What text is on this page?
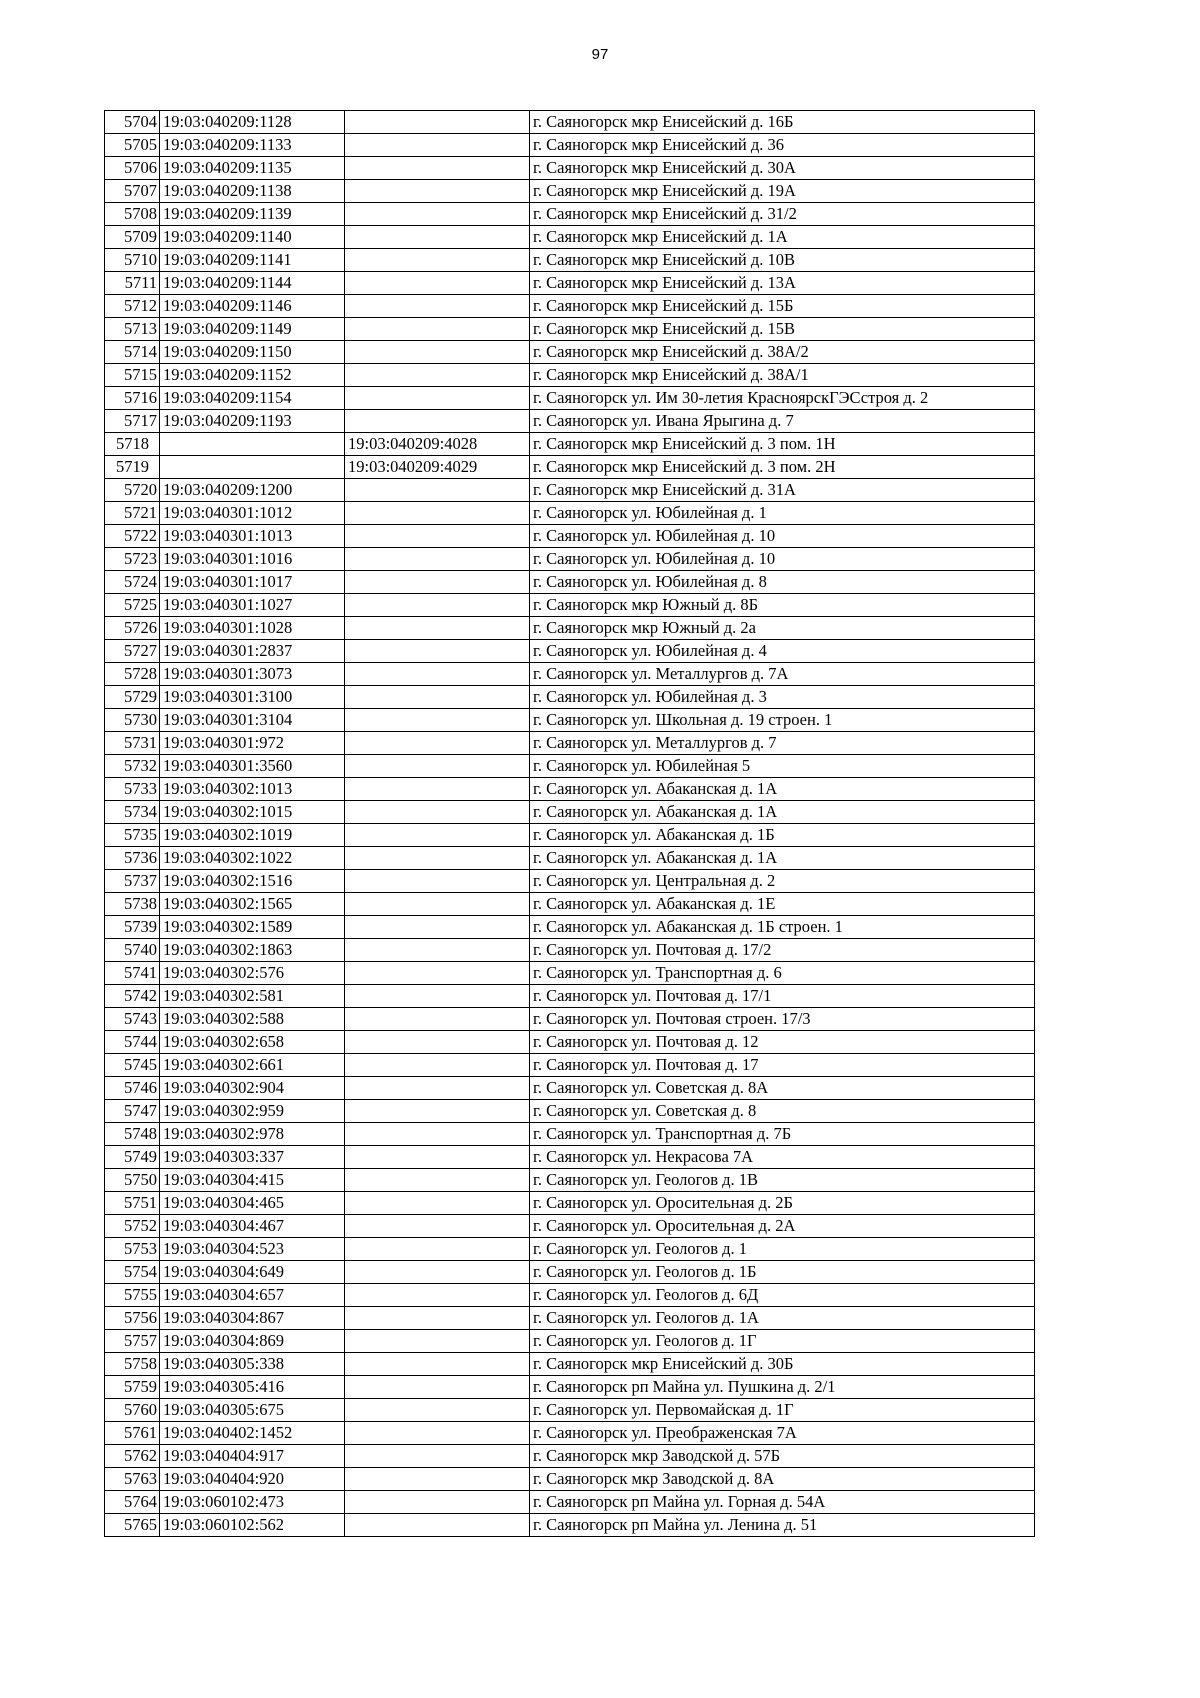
97
5704	19:03:040209:1128		г. Саяногорск мкр Енисейский д. 16Б
5705	19:03:040209:1133		г. Саяногорск мкр Енисейский д. 36
5706	19:03:040209:1135		г. Саяногорск мкр Енисейский д. 30А
5707	19:03:040209:1138		г. Саяногорск мкр Енисейский д. 19А
5708	19:03:040209:1139		г. Саяногорск мкр Енисейский д. 31/2
5709	19:03:040209:1140		г. Саяногорск мкр Енисейский д. 1А
5710	19:03:040209:1141		г. Саяногорск мкр Енисейский д. 10В
5711	19:03:040209:1144		г. Саяногорск мкр Енисейский д. 13А
5712	19:03:040209:1146		г. Саяногорск мкр Енисейский д. 15Б
5713	19:03:040209:1149		г. Саяногорск мкр Енисейский д. 15В
5714	19:03:040209:1150		г. Саяногорск мкр Енисейский д. 38А/2
5715	19:03:040209:1152		г. Саяногорск мкр Енисейский д. 38А/1
5716	19:03:040209:1154		г. Саяногорск ул. Им 30-летия КрасноярскГЭСстроя д. 2
5717	19:03:040209:1193		г. Саяногорск ул. Ивана Ярыгина д. 7
5718		19:03:040209:4028	г. Саяногорск мкр Енисейский д. 3 пом. 1Н
5719		19:03:040209:4029	г. Саяногорск мкр Енисейский д. 3 пом. 2Н
5720	19:03:040209:1200		г. Саяногорск мкр Енисейский д. 31А
5721	19:03:040301:1012		г. Саяногорск ул. Юбилейная д. 1
5722	19:03:040301:1013		г. Саяногорск ул. Юбилейная д. 10
5723	19:03:040301:1016		г. Саяногорск ул. Юбилейная д. 10
5724	19:03:040301:1017		г. Саяногорск ул. Юбилейная д. 8
5725	19:03:040301:1027		г. Саяногорск мкр Южный д. 8Б
5726	19:03:040301:1028		г. Саяногорск мкр Южный д. 2а
5727	19:03:040301:2837		г. Саяногорск ул. Юбилейная д. 4
5728	19:03:040301:3073		г. Саяногорск ул. Металлургов д. 7А
5729	19:03:040301:3100		г. Саяногорск ул. Юбилейная д. 3
5730	19:03:040301:3104		г. Саяногорск ул. Школьная д. 19 строен. 1
5731	19:03:040301:972		г. Саяногорск ул. Металлургов д. 7
5732	19:03:040301:3560		г. Саяногорск ул. Юбилейная 5
5733	19:03:040302:1013		г. Саяногорск ул. Абаканская д. 1А
5734	19:03:040302:1015		г. Саяногорск ул. Абаканская д. 1А
5735	19:03:040302:1019		г. Саяногорск ул. Абаканская д. 1Б
5736	19:03:040302:1022		г. Саяногорск ул. Абаканская д. 1А
5737	19:03:040302:1516		г. Саяногорск ул. Центральная д. 2
5738	19:03:040302:1565		г. Саяногорск ул. Абаканская д. 1Е
5739	19:03:040302:1589		г. Саяногорск ул. Абаканская д. 1Б строен. 1
5740	19:03:040302:1863		г. Саяногорск ул. Почтовая д. 17/2
5741	19:03:040302:576		г. Саяногорск ул. Транспортная д. 6
5742	19:03:040302:581		г. Саяногорск ул. Почтовая д. 17/1
5743	19:03:040302:588		г. Саяногорск ул. Почтовая строен. 17/3
5744	19:03:040302:658		г. Саяногорск ул. Почтовая д. 12
5745	19:03:040302:661		г. Саяногорск ул. Почтовая д. 17
5746	19:03:040302:904		г. Саяногорск ул. Советская д. 8А
5747	19:03:040302:959		г. Саяногорск ул. Советская д. 8
5748	19:03:040302:978		г. Саяногорск ул. Транспортная д. 7Б
5749	19:03:040303:337		г. Саяногорск ул. Некрасова 7А
5750	19:03:040304:415		г. Саяногорск ул. Геологов д. 1В
5751	19:03:040304:465		г. Саяногорск ул. Оросительная д. 2Б
5752	19:03:040304:467		г. Саяногорск ул. Оросительная д. 2А
5753	19:03:040304:523		г. Саяногорск ул. Геологов д. 1
5754	19:03:040304:649		г. Саяногорск ул. Геологов д. 1Б
5755	19:03:040304:657		г. Саяногорск ул. Геологов д. 6Д
5756	19:03:040304:867		г. Саяногорск ул. Геологов д. 1А
5757	19:03:040304:869		г. Саяногорск ул. Геологов д. 1Г
5758	19:03:040305:338		г. Саяногорск мкр Енисейский д. 30Б
5759	19:03:040305:416		г. Саяногорск рп Майна ул. Пушкина д. 2/1
5760	19:03:040305:675		г. Саяногорск ул. Первомайская д. 1Г
5761	19:03:040402:1452		г. Саяногорск ул. Преображенская 7А
5762	19:03:040404:917		г. Саяногорск мкр Заводской д. 57Б
5763	19:03:040404:920		г. Саяногорск мкр Заводской д. 8А
5764	19:03:060102:473		г. Саяногорск рп Майна ул. Горная д. 54А
5765	19:03:060102:562		г. Саяногорск рп Майна ул. Ленина д. 51
